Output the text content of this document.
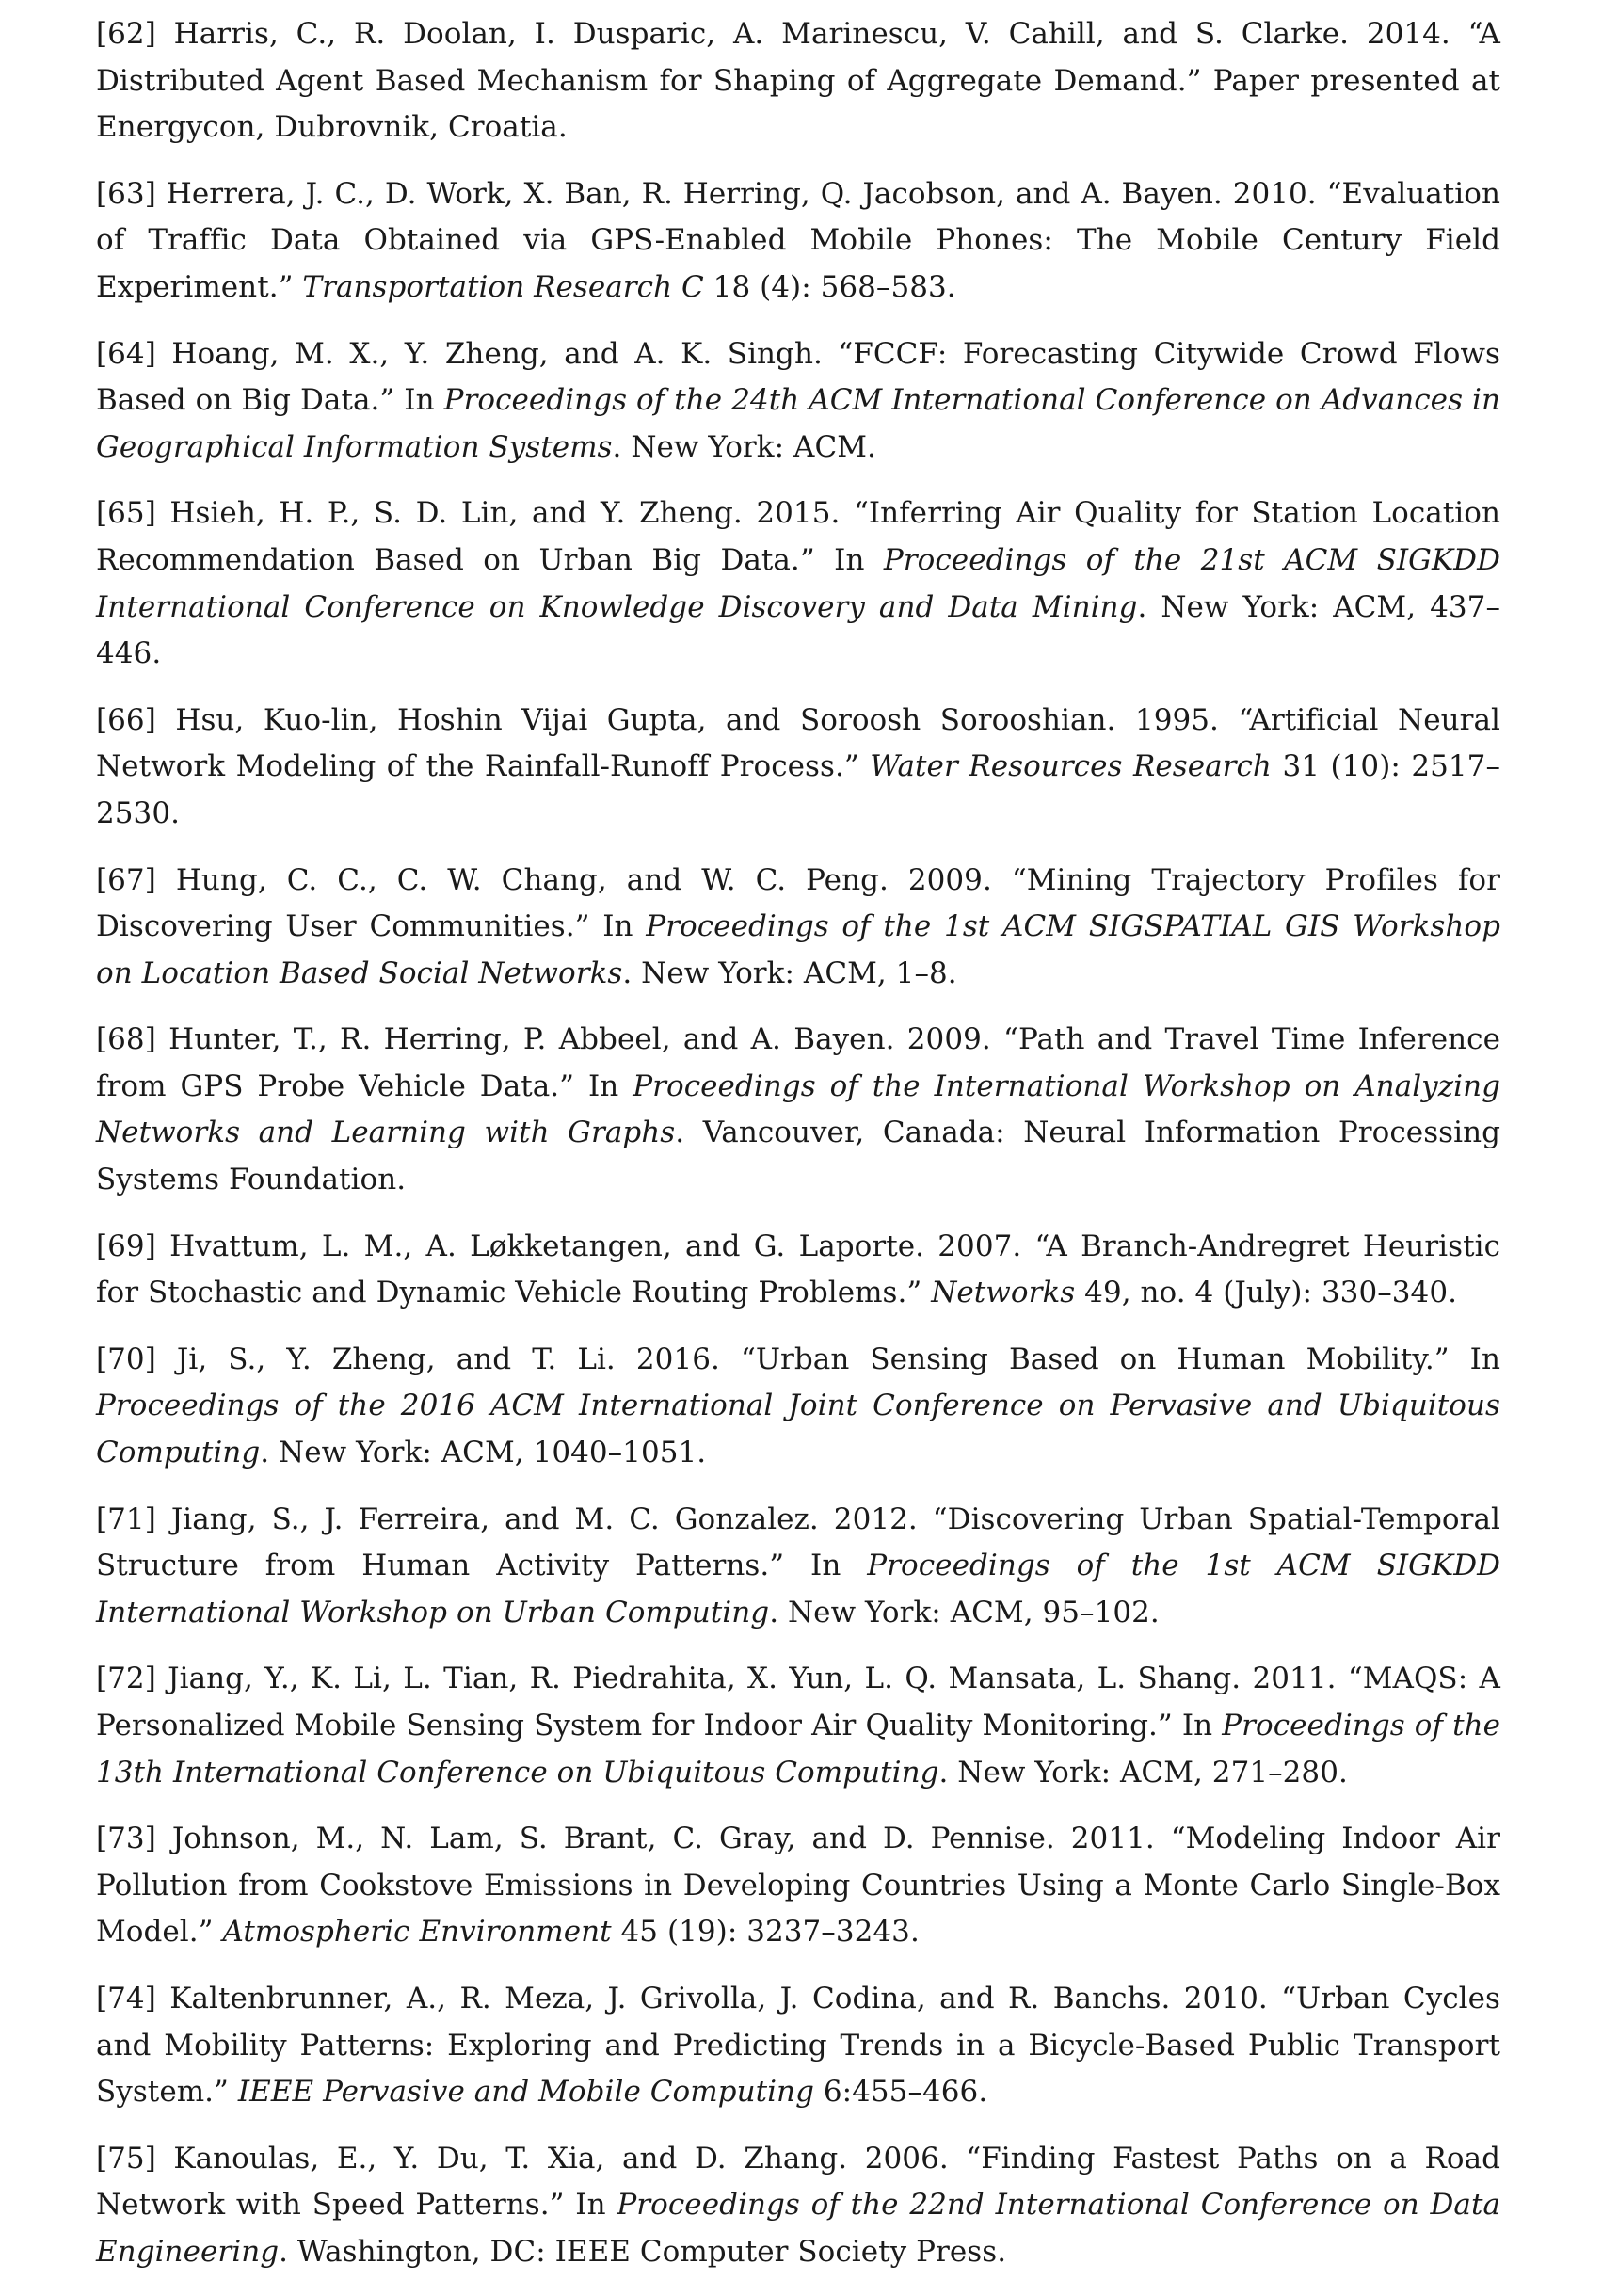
[62] Harris, C., R. Doolan, I. Dusparic, A. Marinescu, V. Cahill, and S. Clarke. 2014. “A Distributed Agent Based Mechanism for Shaping of Aggregate Demand.” Paper presented at Energycon, Dubrovnik, Croatia.

[63] Herrera, J. C., D. Work, X. Ban, R. Herring, Q. Jacobson, and A. Bayen. 2010. “Evaluation of Traffic Data Obtained via GPS-Enabled Mobile Phones: The Mobile Century Field Experiment.” Transportation Research C 18 (4): 568–583.

[64] Hoang, M. X., Y. Zheng, and A. K. Singh. “FCCF: Forecasting Citywide Crowd Flows Based on Big Data.” In Proceedings of the 24th ACM International Conference on Advances in Geographical Information Systems. New York: ACM.

[65] Hsieh, H. P., S. D. Lin, and Y. Zheng. 2015. “Inferring Air Quality for Station Location Recommendation Based on Urban Big Data.” In Proceedings of the 21st ACM SIGKDD International Conference on Knowledge Discovery and Data Mining. New York: ACM, 437–446.

[66] Hsu, Kuo-lin, Hoshin Vijai Gupta, and Soroosh Sorooshian. 1995. “Artificial Neural Network Modeling of the Rainfall-Runoff Process.” Water Resources Research 31 (10): 2517–2530.

[67] Hung, C. C., C. W. Chang, and W. C. Peng. 2009. “Mining Trajectory Profiles for Discovering User Communities.” In Proceedings of the 1st ACM SIGSPATIAL GIS Workshop on Location Based Social Networks. New York: ACM, 1–8.

[68] Hunter, T., R. Herring, P. Abbeel, and A. Bayen. 2009. “Path and Travel Time Inference from GPS Probe Vehicle Data.” In Proceedings of the International Workshop on Analyzing Networks and Learning with Graphs. Vancouver, Canada: Neural Information Processing Systems Foundation.

[69] Hvattum, L. M., A. Løkketangen, and G. Laporte. 2007. “A Branch-Andregret Heuristic for Stochastic and Dynamic Vehicle Routing Problems.” Networks 49, no. 4 (July): 330–340.

[70] Ji, S., Y. Zheng, and T. Li. 2016. “Urban Sensing Based on Human Mobility.” In Proceedings of the 2016 ACM International Joint Conference on Pervasive and Ubiquitous Computing. New York: ACM, 1040–1051.

[71] Jiang, S., J. Ferreira, and M. C. Gonzalez. 2012. “Discovering Urban Spatial-Temporal Structure from Human Activity Patterns.” In Proceedings of the 1st ACM SIGKDD International Workshop on Urban Computing. New York: ACM, 95–102.

[72] Jiang, Y., K. Li, L. Tian, R. Piedrahita, X. Yun, L. Q. Mansata, L. Shang. 2011. “MAQS: A Personalized Mobile Sensing System for Indoor Air Quality Monitoring.” In Proceedings of the 13th International Conference on Ubiquitous Computing. New York: ACM, 271–280.

[73] Johnson, M., N. Lam, S. Brant, C. Gray, and D. Pennise. 2011. “Modeling Indoor Air Pollution from Cookstove Emissions in Developing Countries Using a Monte Carlo Single-Box Model.” Atmospheric Environment 45 (19): 3237–3243.

[74] Kaltenbrunner, A., R. Meza, J. Grivolla, J. Codina, and R. Banchs. 2010. “Urban Cycles and Mobility Patterns: Exploring and Predicting Trends in a Bicycle-Based Public Transport System.” IEEE Pervasive and Mobile Computing 6:455–466.

[75] Kanoulas, E., Y. Du, T. Xia, and D. Zhang. 2006. “Finding Fastest Paths on a Road Network with Speed Patterns.” In Proceedings of the 22nd International Conference on Data Engineering. Washington, DC: IEEE Computer Society Press.
